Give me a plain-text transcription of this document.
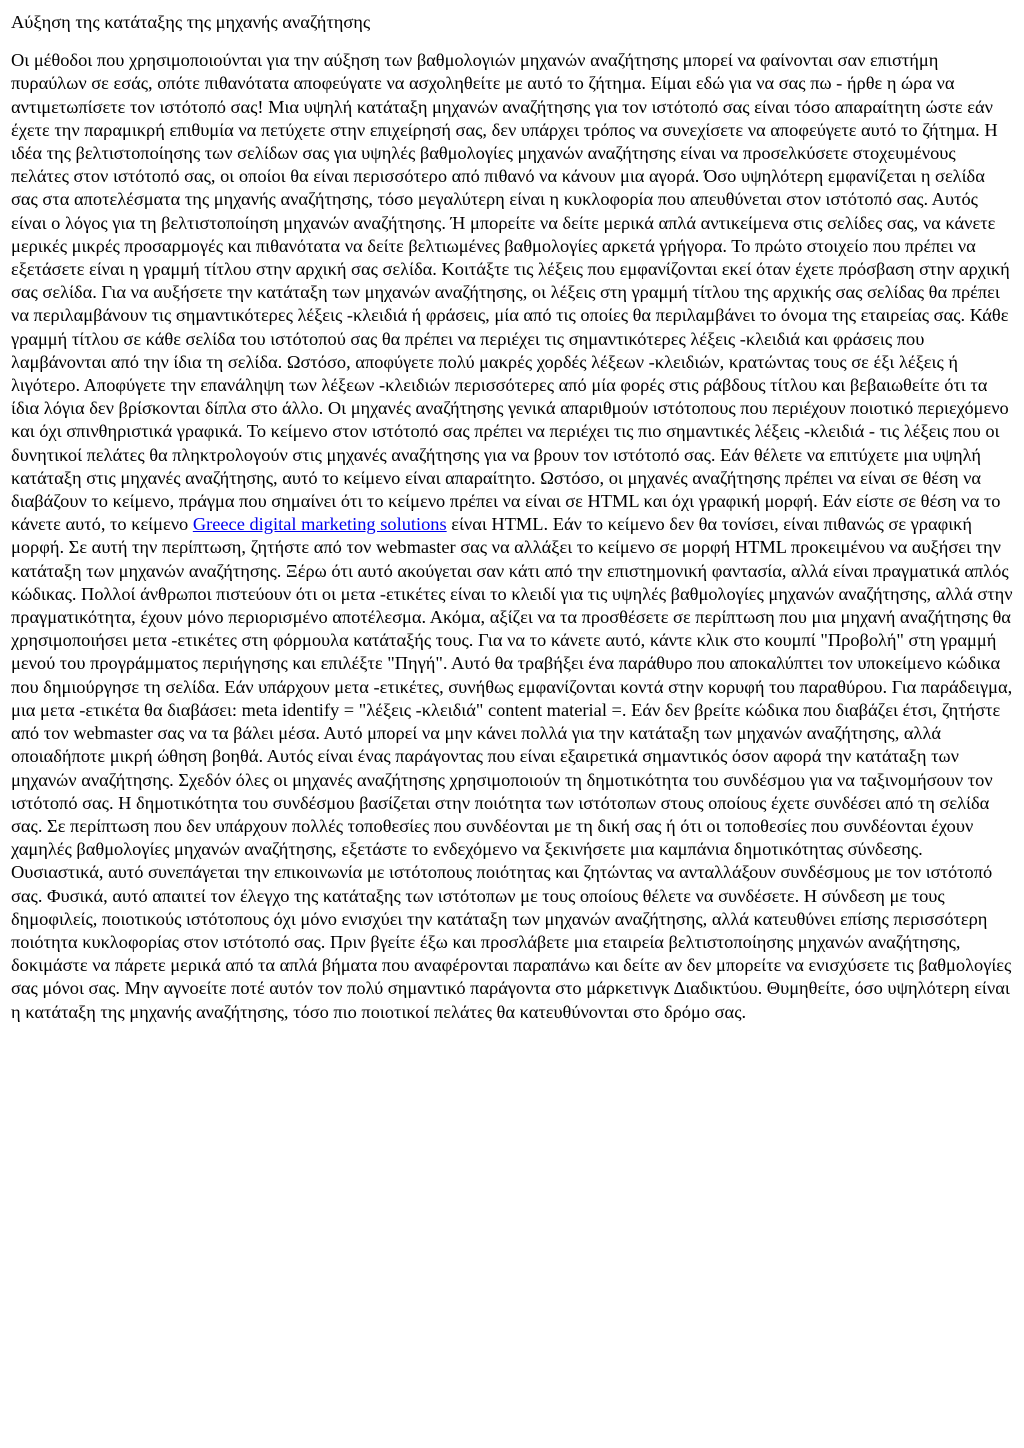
Αύξηση της κατάταξης της μηχανής αναζήτησης

Οι μέθοδοι που χρησιμοποιούνται για την αύξηση των βαθμολογιών μηχανών αναζήτησης μπορεί να φαίνονται σαν επιστήμη πυραύλων σε εσάς, οπότε πιθανότατα αποφεύγατε να ασχοληθείτε με αυτό το ζήτημα. Είμαι εδώ για να σας πω - ήρθε η ώρα να αντιμετωπίσετε τον ιστότοπό σας! Μια υψηλή κατάταξη μηχανών αναζήτησης για τον ιστότοπό σας είναι τόσο απαραίτητη ώστε εάν έχετε την παραμικρή επιθυμία να πετύχετε στην επιχείρησή σας, δεν υπάρχει τρόπος να συνεχίσετε να αποφεύγετε αυτό το ζήτημα. Η ιδέα της βελτιστοποίησης των σελίδων σας για υψηλές βαθμολογίες μηχανών αναζήτησης είναι να προσελκύσετε στοχευμένους πελάτες στον ιστότοπό σας, οι οποίοι θα είναι περισσότερο από πιθανό να κάνουν μια αγορά. Όσο υψηλότερη εμφανίζεται η σελίδα σας στα αποτελέσματα της μηχανής αναζήτησης, τόσο μεγαλύτερη είναι η κυκλοφορία που απευθύνεται στον ιστότοπό σας. Αυτός είναι ο λόγος για τη βελτιστοποίηση μηχανών αναζήτησης. Ή μπορείτε να δείτε μερικά απλά αντικείμενα στις σελίδες σας, να κάνετε μερικές μικρές προσαρμογές και πιθανότατα να δείτε βελτιωμένες βαθμολογίες αρκετά γρήγορα. Το πρώτο στοιχείο που πρέπει να εξετάσετε είναι η γραμμή τίτλου στην αρχική σας σελίδα. Κοιτάξτε τις λέξεις που εμφανίζονται εκεί όταν έχετε πρόσβαση στην αρχική σας σελίδα. Για να αυξήσετε την κατάταξη των μηχανών αναζήτησης, οι λέξεις στη γραμμή τίτλου της αρχικής σας σελίδας θα πρέπει να περιλαμβάνουν τις σημαντικότερες λέξεις -κλειδιά ή φράσεις, μία από τις οποίες θα περιλαμβάνει το όνομα της εταιρείας σας. Κάθε γραμμή τίτλου σε κάθε σελίδα του ιστότοπού σας θα πρέπει να περιέχει τις σημαντικότερες λέξεις -κλειδιά και φράσεις που λαμβάνονται από την ίδια τη σελίδα. Ωστόσο, αποφύγετε πολύ μακρές χορδές λέξεων -κλειδιών, κρατώντας τους σε έξι λέξεις ή λιγότερο. Αποφύγετε την επανάληψη των λέξεων -κλειδιών περισσότερες από μία φορές στις ράβδους τίτλου και βεβαιωθείτε ότι τα ίδια λόγια δεν βρίσκονται δίπλα στο άλλο. Οι μηχανές αναζήτησης γενικά απαριθμούν ιστότοπους που περιέχουν ποιοτικό περιεχόμενο και όχι σπινθηριστικά γραφικά. Το κείμενο στον ιστότοπό σας πρέπει να περιέχει τις πιο σημαντικές λέξεις -κλειδιά - τις λέξεις που οι δυνητικοί πελάτες θα πληκτρολογούν στις μηχανές αναζήτησης για να βρουν τον ιστότοπό σας. Εάν θέλετε να επιτύχετε μια υψηλή κατάταξη στις μηχανές αναζήτησης, αυτό το κείμενο είναι απαραίτητο. Ωστόσο, οι μηχανές αναζήτησης πρέπει να είναι σε θέση να διαβάζουν το κείμενο, πράγμα που σημαίνει ότι το κείμενο πρέπει να είναι σε HTML και όχι γραφική μορφή. Εάν είστε σε θέση να το κάνετε αυτό, το κείμενο Greece digital marketing solutions είναι HTML. Εάν το κείμενο δεν θα τονίσει, είναι πιθανώς σε γραφική μορφή. Σε αυτή την περίπτωση, ζητήστε από τον webmaster σας να αλλάξει το κείμενο σε μορφή HTML προκειμένου να αυξήσει την κατάταξη των μηχανών αναζήτησης. Ξέρω ότι αυτό ακούγεται σαν κάτι από την επιστημονική φαντασία, αλλά είναι πραγματικά απλός κώδικας. Πολλοί άνθρωποι πιστεύουν ότι οι μετα -ετικέτες είναι το κλειδί για τις υψηλές βαθμολογίες μηχανών αναζήτησης, αλλά στην πραγματικότητα, έχουν μόνο περιορισμένο αποτέλεσμα. Ακόμα, αξίζει να τα προσθέσετε σε περίπτωση που μια μηχανή αναζήτησης θα χρησιμοποιήσει μετα -ετικέτες στη φόρμουλα κατάταξής τους. Για να το κάνετε αυτό, κάντε κλικ στο κουμπί "Προβολή" στη γραμμή μενού του προγράμματος περιήγησης και επιλέξτε "Πηγή". Αυτό θα τραβήξει ένα παράθυρο που αποκαλύπτει τον υποκείμενο κώδικα που δημιούργησε τη σελίδα. Εάν υπάρχουν μετα -ετικέτες, συνήθως εμφανίζονται κοντά στην κορυφή του παραθύρου. Για παράδειγμα, μια μετα -ετικέτα θα διαβάσει: meta identify = "λέξεις -κλειδιά" content material =. Εάν δεν βρείτε κώδικα που διαβάζει έτσι, ζητήστε από τον webmaster σας να τα βάλει μέσα. Αυτό μπορεί να μην κάνει πολλά για την κατάταξη των μηχανών αναζήτησης, αλλά οποιαδήποτε μικρή ώθηση βοηθά. Αυτός είναι ένας παράγοντας που είναι εξαιρετικά σημαντικός όσον αφορά την κατάταξη των μηχανών αναζήτησης. Σχεδόν όλες οι μηχανές αναζήτησης χρησιμοποιούν τη δημοτικότητα του συνδέσμου για να ταξινομήσουν τον ιστότοπό σας. Η δημοτικότητα του συνδέσμου βασίζεται στην ποιότητα των ιστότοπων στους οποίους έχετε συνδέσει από τη σελίδα σας. Σε περίπτωση που δεν υπάρχουν πολλές τοποθεσίες που συνδέονται με τη δική σας ή ότι οι τοποθεσίες που συνδέονται έχουν χαμηλές βαθμολογίες μηχανών αναζήτησης, εξετάστε το ενδεχόμενο να ξεκινήσετε μια καμπάνια δημοτικότητας σύνδεσης. Ουσιαστικά, αυτό συνεπάγεται την επικοινωνία με ιστότοπους ποιότητας και ζητώντας να ανταλλάξουν συνδέσμους με τον ιστότοπό σας. Φυσικά, αυτό απαιτεί τον έλεγχο της κατάταξης των ιστότοπων με τους οποίους θέλετε να συνδέσετε. Η σύνδεση με τους δημοφιλείς, ποιοτικούς ιστότοπους όχι μόνο ενισχύει την κατάταξη των μηχανών αναζήτησης, αλλά κατευθύνει επίσης περισσότερη ποιότητα κυκλοφορίας στον ιστότοπό σας. Πριν βγείτε έξω και προσλάβετε μια εταιρεία βελτιστοποίησης μηχανών αναζήτησης, δοκιμάστε να πάρετε μερικά από τα απλά βήματα που αναφέρονται παραπάνω και δείτε αν δεν μπορείτε να ενισχύσετε τις βαθμολογίες σας μόνοι σας. Μην αγνοείτε ποτέ αυτόν τον πολύ σημαντικό παράγοντα στο μάρκετινγκ Διαδικτύου. Θυμηθείτε, όσο υψηλότερη είναι η κατάταξη της μηχανής αναζήτησης, τόσο πιο ποιοτικοί πελάτες θα κατευθύνονται στο δρόμο σας.
